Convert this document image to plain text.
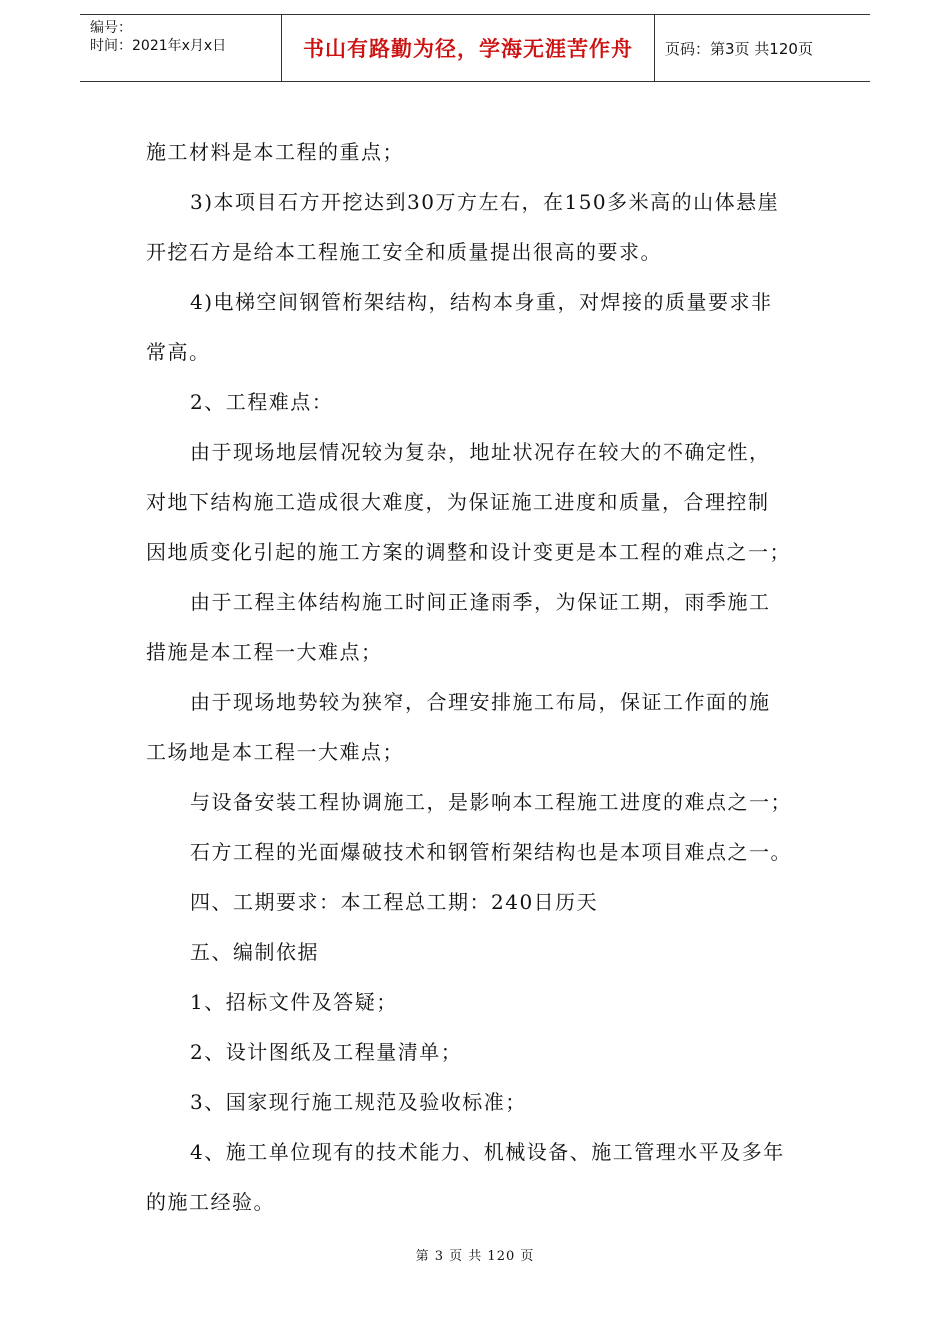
编号：
时间：2021年x月x日	书山有路勤为径，学海无涯苦作舟	页码：第3页 共120页

施工材料是本工程的重点；

3)本项目石方开挖达到30万方左右，在150多米高的山体悬崖

开挖石方是给本工程施工安全和质量提出很高的要求。

4)电梯空间钢管桁架结构，结构本身重，对焊接的质量要求非

常高。

2、工程难点：

由于现场地层情况较为复杂，地址状况存在较大的不确定性，

对地下结构施工造成很大难度，为保证施工进度和质量，合理控制

因地质变化引起的施工方案的调整和设计变更是本工程的难点之一；

由于工程主体结构施工时间正逢雨季，为保证工期，雨季施工

措施是本工程一大难点；

由于现场地势较为狭窄，合理安排施工布局，保证工作面的施

工场地是本工程一大难点；

与设备安装工程协调施工，是影响本工程施工进度的难点之一；

石方工程的光面爆破技术和钢管桁架结构也是本项目难点之一。

四、工期要求：本工程总工期：240日历天

五、编制依据

1、招标文件及答疑；

2、设计图纸及工程量清单；

3、国家现行施工规范及验收标准；

4、施工单位现有的技术能力、机械设备、施工管理水平及多年

的施工经验。

第 3 页 共 120 页
